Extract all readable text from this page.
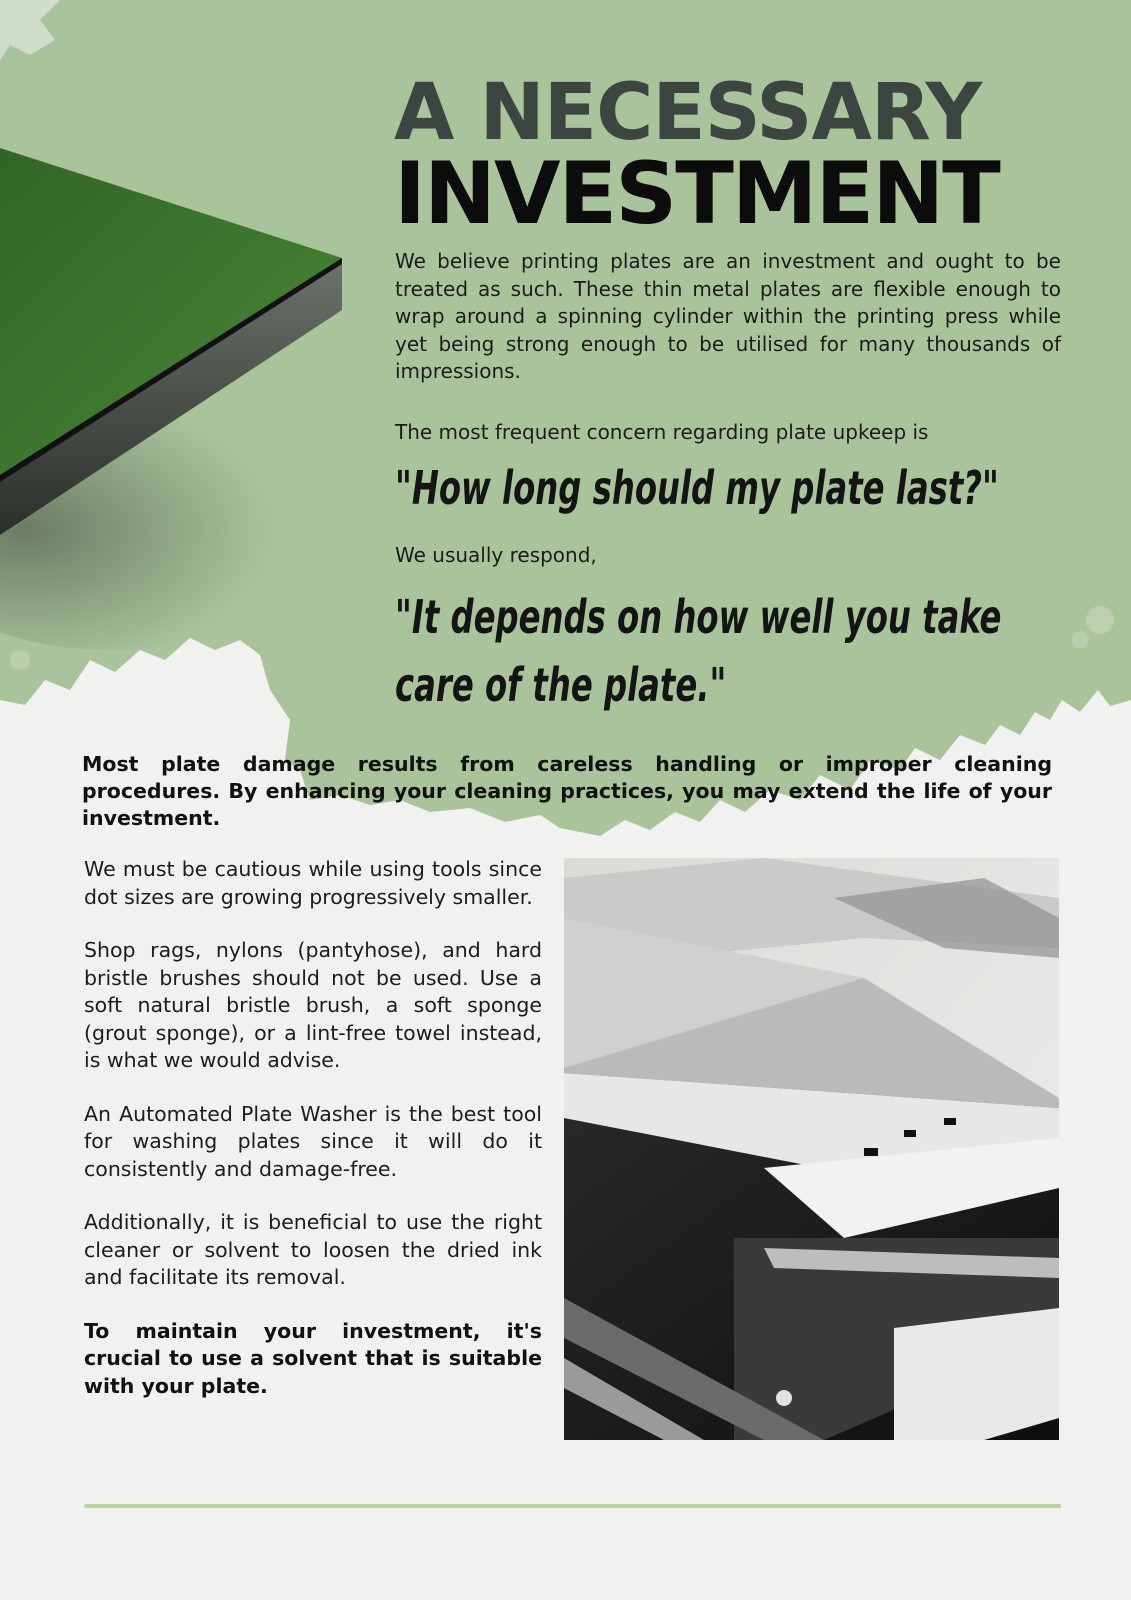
A NECESSARY
INVESTMENT
We believe printing plates are an investment and ought to be treated as such. These thin metal plates are flexible enough to wrap around a spinning cylinder within the printing press while yet being strong enough to be utilised for many thousands of impressions.
The most frequent concern regarding plate upkeep is
"How long should my plate last?"
We usually respond,
"It depends on how well you take care of the plate."
Most plate damage results from careless handling or improper cleaning procedures. By enhancing your cleaning practices, you may extend the life of your investment.

We must be cautious while using tools since dot sizes are growing progressively smaller.

Shop rags, nylons (pantyhose), and hard bristle brushes should not be used. Use a soft natural bristle brush, a soft sponge (grout sponge), or a lint-free towel instead, is what we would advise.

An Automated Plate Washer is the best tool for washing plates since it will do it consistently and damage-free.

Additionally, it is beneficial to use the right cleaner or solvent to loosen the dried ink and facilitate its removal.

To maintain your investment, it's crucial to use a solvent that is suitable with your plate.
